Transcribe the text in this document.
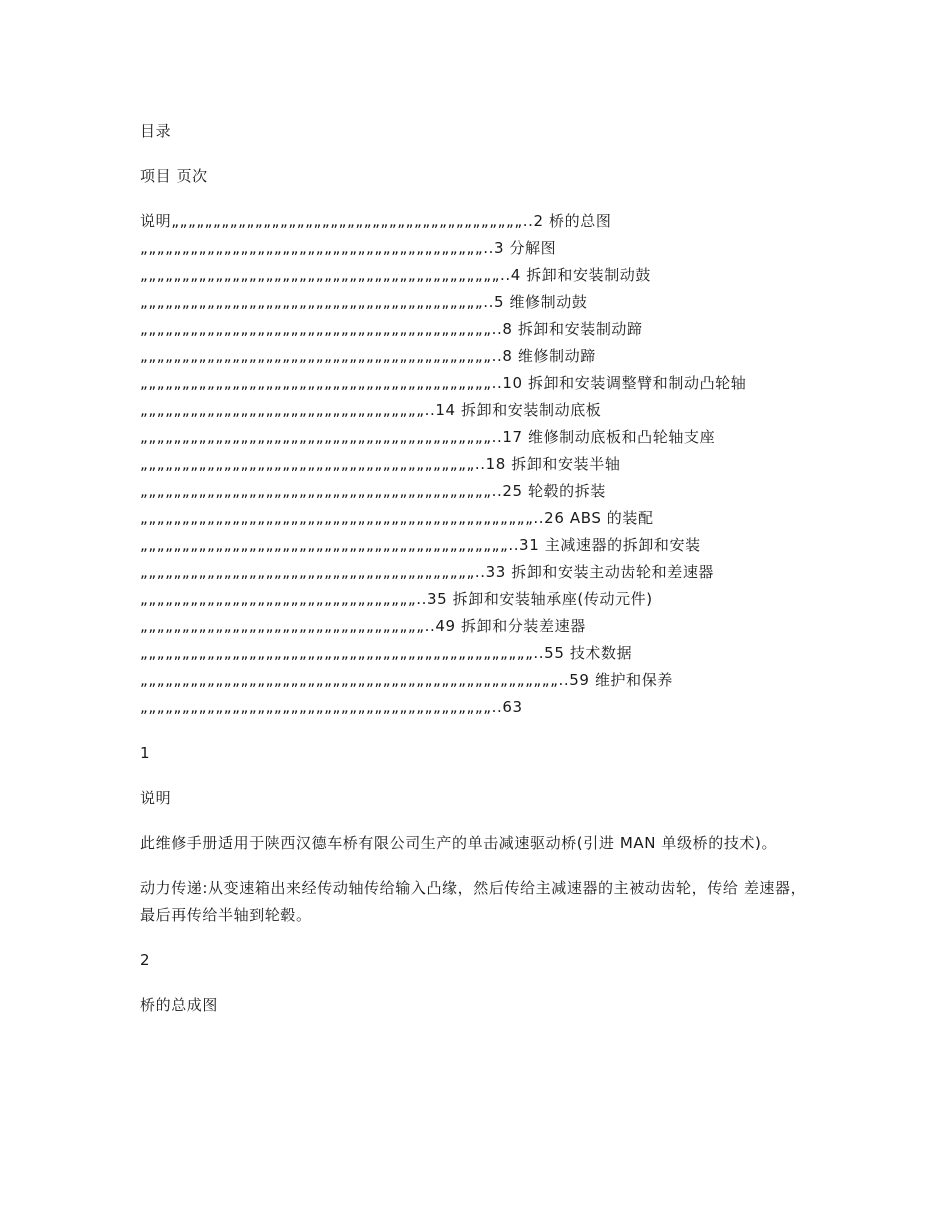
目录

项目 页次

说明„„„„„„„„„„„„„„„„„„„„„„„„„„„„„„„„„„„„„„„„„„..2 桥的总图„„„„„„„„„„„„„„„„„„„„„„„„„„„„„„„„„„„„„„„„„..3 分解图„„„„„„„„„„„„„„„„„„„„„„„„„„„„„„„„„„„„„„„„„„„..4 拆卸和安装制动鼓„„„„„„„„„„„„„„„„„„„„„„„„„„„„„„„„„„„„„„„„„..5 维修制动鼓„„„„„„„„„„„„„„„„„„„„„„„„„„„„„„„„„„„„„„„„„„..8 拆卸和安装制动蹄„„„„„„„„„„„„„„„„„„„„„„„„„„„„„„„„„„„„„„„„„„..8 维修制动蹄„„„„„„„„„„„„„„„„„„„„„„„„„„„„„„„„„„„„„„„„„„..10 拆卸和安装调整臂和制动凸轮轴„„„„„„„„„„„„„„„„„„„„„„„„„„„„„„„„„„..14 拆卸和安装制动底板„„„„„„„„„„„„„„„„„„„„„„„„„„„„„„„„„„„„„„„„„„..17 维修制动底板和凸轮轴支座„„„„„„„„„„„„„„„„„„„„„„„„„„„„„„„„„„„„„„„„..18 拆卸和安装半轴„„„„„„„„„„„„„„„„„„„„„„„„„„„„„„„„„„„„„„„„„„..25 轮毂的拆装„„„„„„„„„„„„„„„„„„„„„„„„„„„„„„„„„„„„„„„„„„„„„„„..26 ABS 的装配„„„„„„„„„„„„„„„„„„„„„„„„„„„„„„„„„„„„„„„„„„„„..31 主减速器的拆卸和安装„„„„„„„„„„„„„„„„„„„„„„„„„„„„„„„„„„„„„„„„..33 拆卸和安装主动齿轮和差速器„„„„„„„„„„„„„„„„„„„„„„„„„„„„„„„„„..35 拆卸和安装轴承座(传动元件)„„„„„„„„„„„„„„„„„„„„„„„„„„„„„„„„„„..49 拆卸和分装差速器„„„„„„„„„„„„„„„„„„„„„„„„„„„„„„„„„„„„„„„„„„„„„„„..55 技术数据„„„„„„„„„„„„„„„„„„„„„„„„„„„„„„„„„„„„„„„„„„„„„„„„„„..59 维护和保养„„„„„„„„„„„„„„„„„„„„„„„„„„„„„„„„„„„„„„„„„„..63

1

说明

此维修手册适用于陕西汉德车桥有限公司生产的单击减速驱动桥(引进 MAN 单级桥的技术)。

动力传递:从变速箱出来经传动轴传给输入凸缘，然后传给主减速器的主被动齿轮，传给 差速器，最后再传给半轴到轮毂。

2

桥的总成图
